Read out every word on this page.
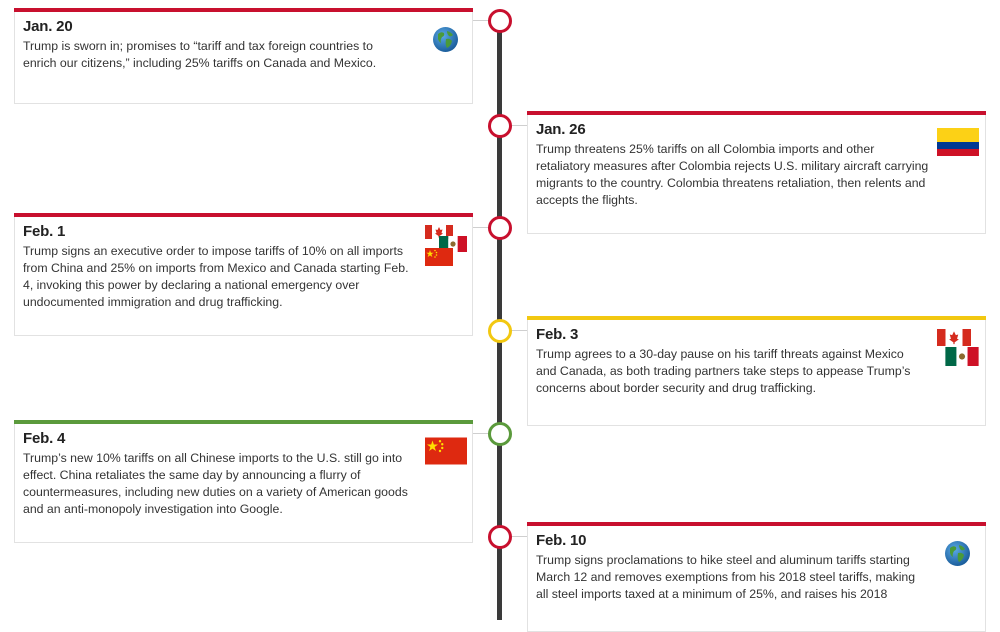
Jan. 20
Trump is sworn in; promises to “tariff and tax foreign countries to enrich our citizens,” including 25% tariffs on Canada and Mexico.
Jan. 26
Trump threatens 25% tariffs on all Colombia imports and other retaliatory measures after Colombia rejects U.S. military aircraft carrying migrants to the country. Colombia threatens retaliation, then relents and accepts the flights.
Feb. 1
Trump signs an executive order to impose tariffs of 10% on all imports from China and 25% on imports from Mexico and Canada starting Feb. 4, invoking this power by declaring a national emergency over undocumented immigration and drug trafficking.
Feb. 3
Trump agrees to a 30-day pause on his tariff threats against Mexico and Canada, as both trading partners take steps to appease Trump’s concerns about border security and drug trafficking.
Feb. 4
Trump’s new 10% tariffs on all Chinese imports to the U.S. still go into effect. China retaliates the same day by announcing a flurry of countermeasures, including new duties on a variety of American goods and an anti-monopoly investigation into Google.
Feb. 10
Trump signs proclamations to hike steel and aluminum tariffs starting March 12 and removes exemptions from his 2018 steel tariffs, making all steel imports taxed at a minimum of 25%, and raises his 2018
